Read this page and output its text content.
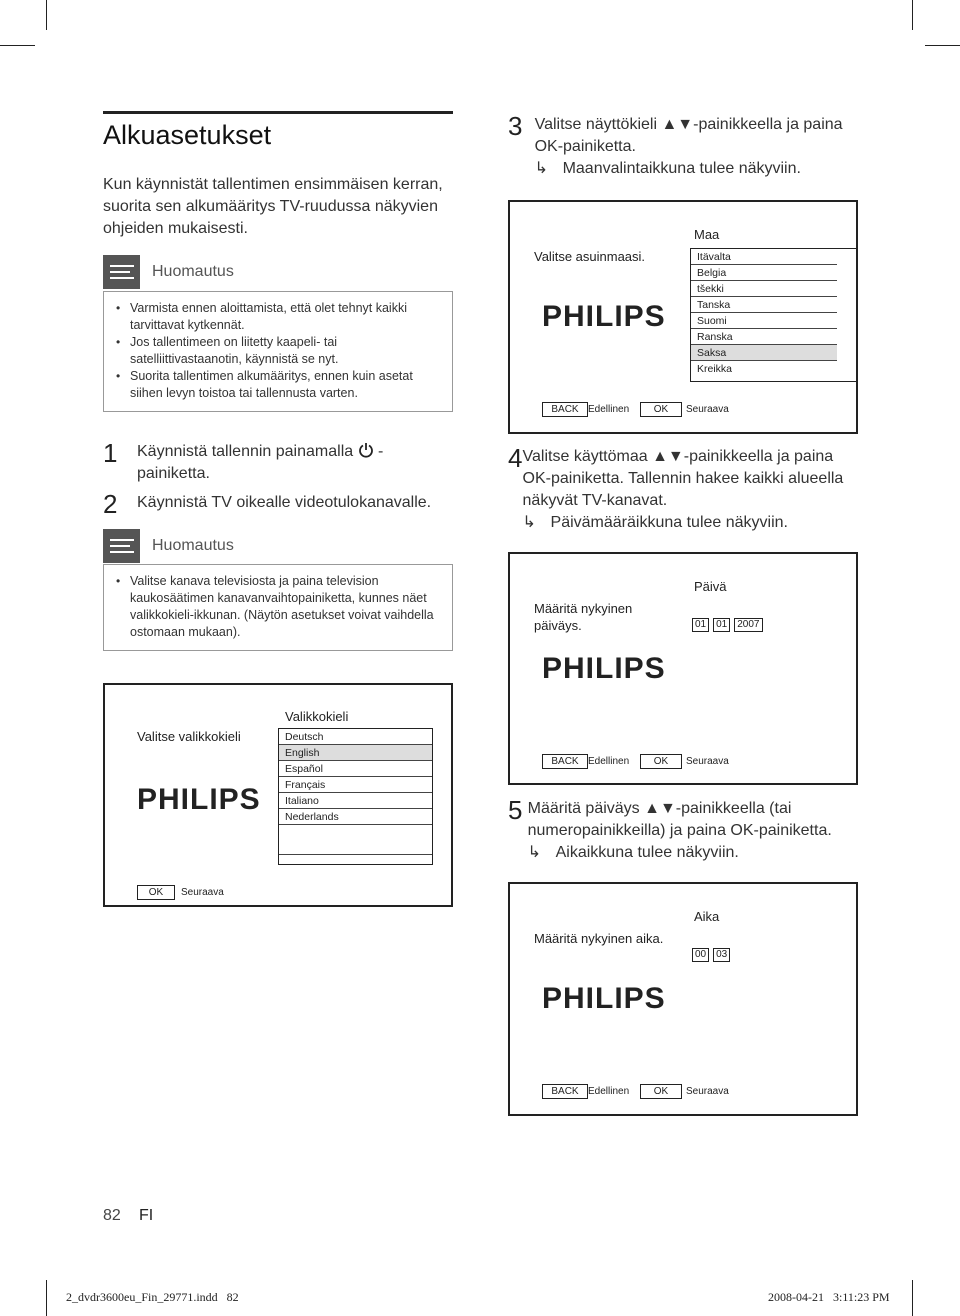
Alkuasetukset

Kun käynnistät tallentimen ensimmäisen kerran, suorita sen alkumääritys TV-ruudussa näkyvien ohjeiden mukaisesti.

Huomautus
• Varmista ennen aloittamista, että olet tehnyt kaikki tarvittavat kytkennät.
• Jos tallentimeen on liitetty kaapeli- tai satelliittivastaanotin, käynnistä se nyt.
• Suorita tallentimen alkumääritys, ennen kuin asetat siihen levyn toistoa tai tallennusta varten.
1	Käynnistä tallennin painamalla  -painiketta.
2	Käynnistä TV oikealle videotulokanavalle.
Huomautus
• Valitse kanava televisiosta ja paina television kaukosäätimen kanavanvaihtopainiketta, kunnes näet valikkokieli-ikkunan. (Näytön asetukset voivat vaihdella ostomaan mukaan).
Valitse valikkokieli
PHILIPS
Valikkokieli
Deutsch
English
Español
Français
Italiano
Nederlands
OK	Seuraava
3 Valitse näyttökieli ▲▼-painikkeella ja paina OK-painiketta.
↳ Maanvalintaikkuna tulee näkyviin.
Valitse asuinmaasi.
PHILIPS
Maa
Itävalta
Belgia
tšekki
Tanska
Suomi
Ranska
Saksa
Kreikka
BACK Edellinen	OK	Seuraava
4 Valitse käyttömaa ▲▼-painikkeella ja paina OK-painiketta. Tallennin hakee kaikki alueella näkyvät TV-kanavat.
↳ Päivämääräikkuna tulee näkyviin.
Määritä nykyinen päiväys.
PHILIPS
Päivä
01	01	2007
BACK Edellinen	OK	Seuraava
5 Määritä päiväys ▲▼-painikkeella (tai numeropainikkeilla) ja paina OK-painiketta.
↳ Aikaikkuna tulee näkyviin.
Määritä nykyinen aika.
PHILIPS
Aika
00	03
BACK Edellinen	OK	Seuraava
82 FI
2_dvdr3600eu_Fin_29771.indd   82	2008-04-21   3:11:23 PM
